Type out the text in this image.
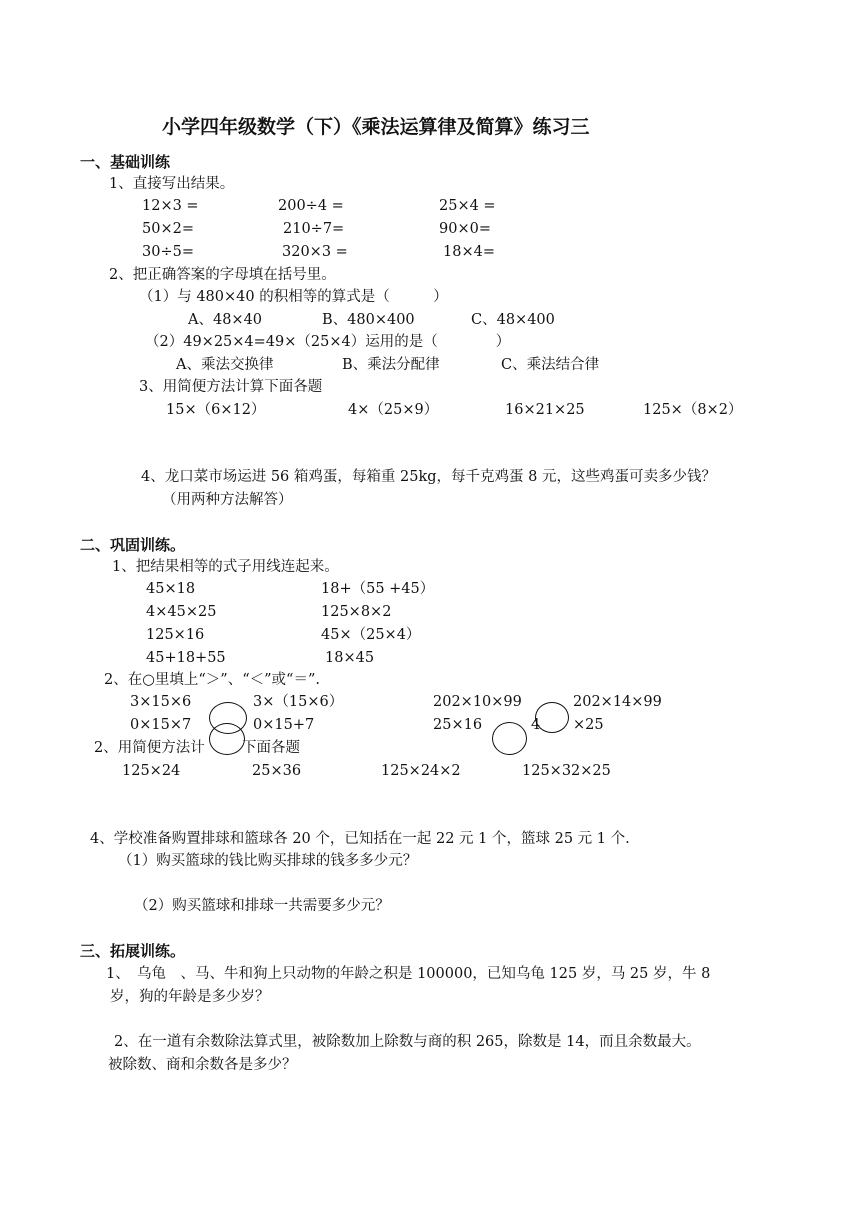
小学四年级数学（下）《乘法运算律及简算》练习三
一、基础训练
1、直接写出结果。
12×3 =	200÷4 =	25×4 =
50×2=	210÷7=	90×0=
30÷5=	320×3 =	18×4=
2、把正确答案的字母填在括号里。
（1）与 480×40 的积相等的算式是（　　　）
A、48×40	B、480×400	C、48×400
（2）49×25×4=49×（25×4）运用的是（　　　　）
A、乘法交换律	B、乘法分配律	C、乘法结合律
3、用简便方法计算下面各题
15×（6×12）	4×（25×9）	16×21×25	125×（8×2）
4、龙口菜市场运进 56 箱鸡蛋，每箱重 25kg，每千克鸡蛋 8 元，这些鸡蛋可卖多少钱？
（用两种方法解答）
二、巩固训练。
1、把结果相等的式子用线连起来。
45×18	18+（55 +45）
4×45×25	125×8×2
125×16	45×（25×4）
45+18+55	18×45
2、在○里填上“＞”、“＜”或“＝”.
3×15×6	3×（15×6）	202×10×99	202×14×99
0×15×7	0×15+7	25×16	4 ×25
2、用简便方法计	下面各题
125×24	25×36	125×24×2	125×32×25
4、学校准备购置排球和篮球各 20 个，已知括在一起 22 元 1 个，篮球 25 元 1 个.
（1）购买篮球的钱比购买排球的钱多多少元？
（2）购买篮球和排球一共需要多少元？
三、拓展训练。
1、　乌龟　、马、牛和狗上只动物的年龄之积是 100000，已知乌龟 125 岁，马 25 岁，牛 8
岁，狗的年龄是多少岁？
2、在一道有余数除法算式里，被除数加上除数与商的积 265，除数是 14，而且余数最大。
被除数、商和余数各是多少？
